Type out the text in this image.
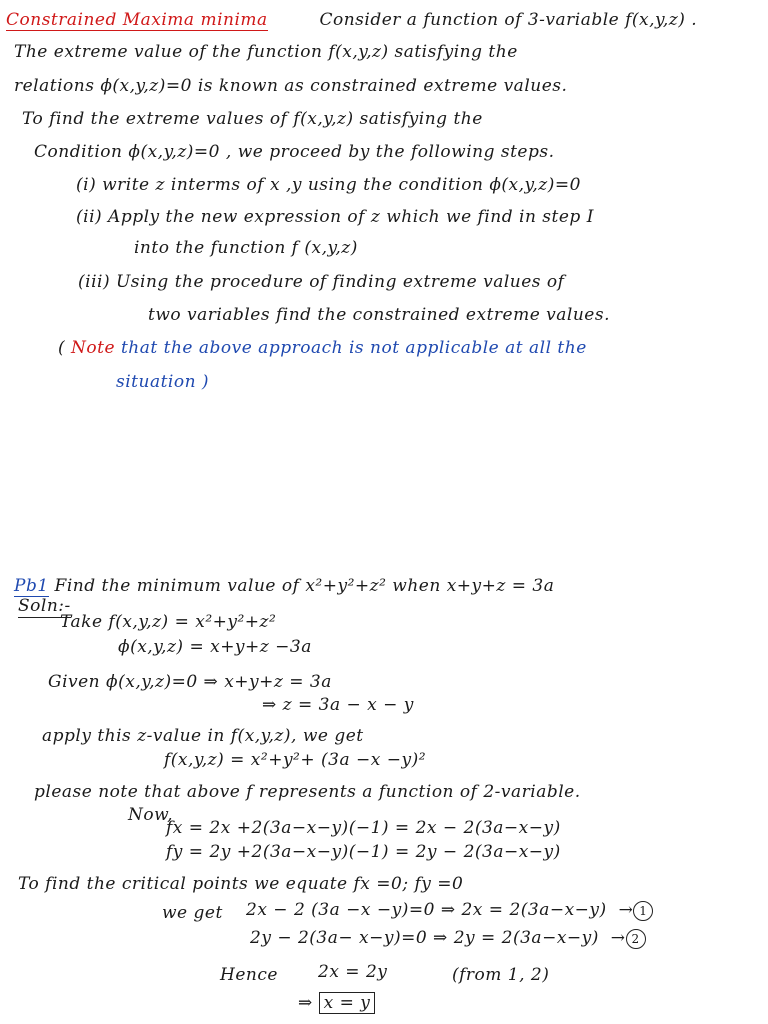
Constrained Maxima minima	Consider a function of 3-variable f(x,y,z) .
The extreme value of the function f(x,y,z) satisfying the
relations ϕ(x,y,z)=0 is known as constrained extreme values.
To find the extreme values of f(x,y,z) satisfying the
Condition ϕ(x,y,z)=0 , we proceed by the following steps.
(i) write z interms of x ,y using the condition ϕ(x,y,z)=0
(ii) Apply the new expression of z which we find in step I
into the function f (x,y,z)
(iii) Using the procedure of finding extreme values of
two variables find the constrained extreme values.
( Note that the above approach is not applicable at all the
situation )
Pb1 Find the minimum value of x²+y²+z² when x+y+z = 3a
Soln:-
Take f(x,y,z) = x²+y²+z²
ϕ(x,y,z) = x+y+z −3a
Given ϕ(x,y,z)=0 ⇒ x+y+z = 3a
⇒ z = 3a − x − y
apply this z-value in f(x,y,z), we get
f(x,y,z) = x²+y²+ (3a −x −y)²
please note that above f represents a function of 2-variable.
Now,
fx = 2x +2(3a−x−y)(−1) = 2x − 2(3a−x−y)
fy = 2y +2(3a−x−y)(−1) = 2y − 2(3a−x−y)
To find the critical points we equate fx =0; fy =0
we get 2x − 2 (3a −x −y)=0 ⇒ 2x = 2(3a−x−y) → 1
2y − 2(3a− x−y)=0 ⇒ 2y = 2(3a−x−y) → 2
Hence 2x = 2y	(from 1, 2)
⇒ x = y
